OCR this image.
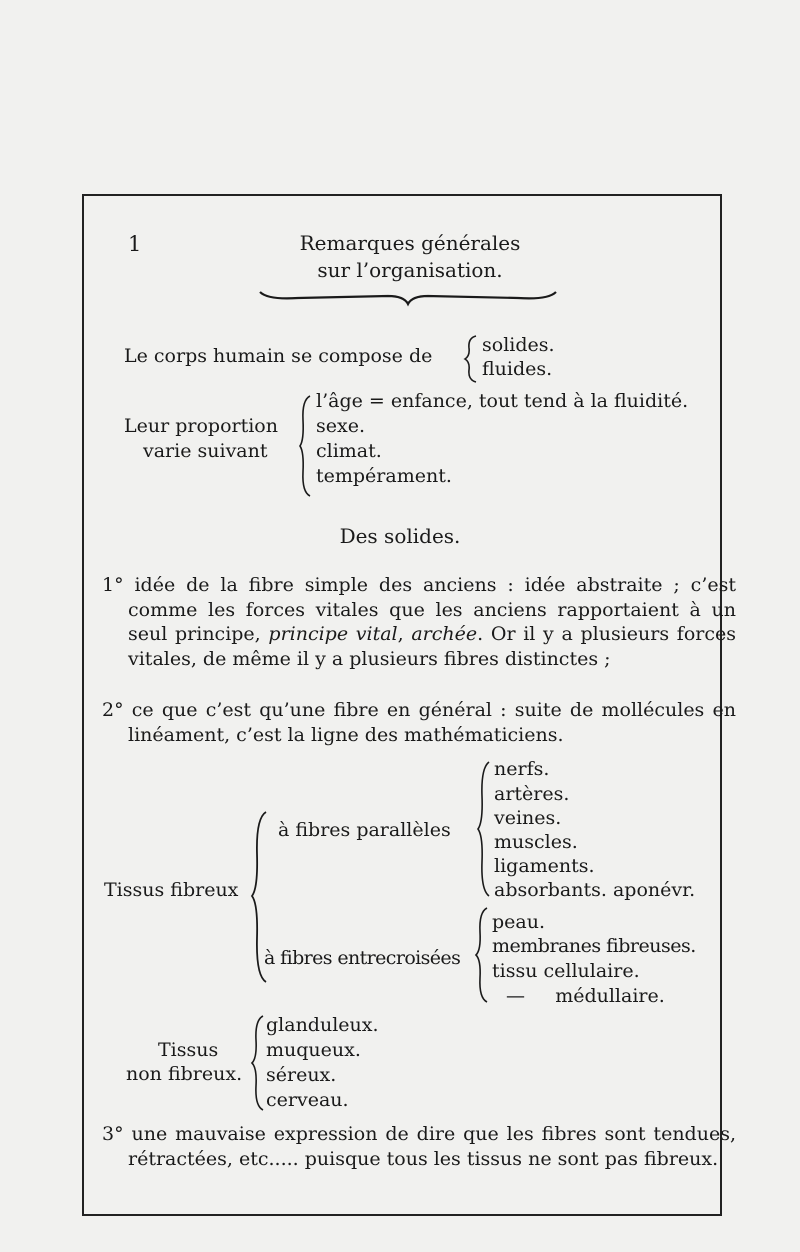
1	Remarques générales
sur l’organisation.
Le corps humain se compose de	solides.
fluides.
Leur proportion
varie suivant
l’âge = enfance, tout tend à la fluidité.
sexe.
climat.
tempérament.
Des solides.
1° idée de la fibre simple des anciens : idée abstraite ; c’est comme les forces vitales que les anciens rapportaient à un seul principe, principe vital, archée. Or il y a plusieurs forces vitales, de même il y a plusieurs fibres distinctes ;
2° ce que c’est qu’une fibre en général : suite de mollécules en linéament, c’est la ligne des mathématiciens.
Tissus fibreux
à fibres parallèles
nerfs.
artères.
veines.
muscles.
ligaments.
absorbants. aponévr.
à fibres entrecroisées
peau.
membranes fibreuses.
tissu cellulaire.
—     médullaire.
Tissus
non fibreux.
glanduleux.
muqueux.
séreux.
cerveau.
3° une mauvaise expression de dire que les fibres sont tendues, rétractées, etc..... puisque tous les tissus ne sont pas fibreux.
